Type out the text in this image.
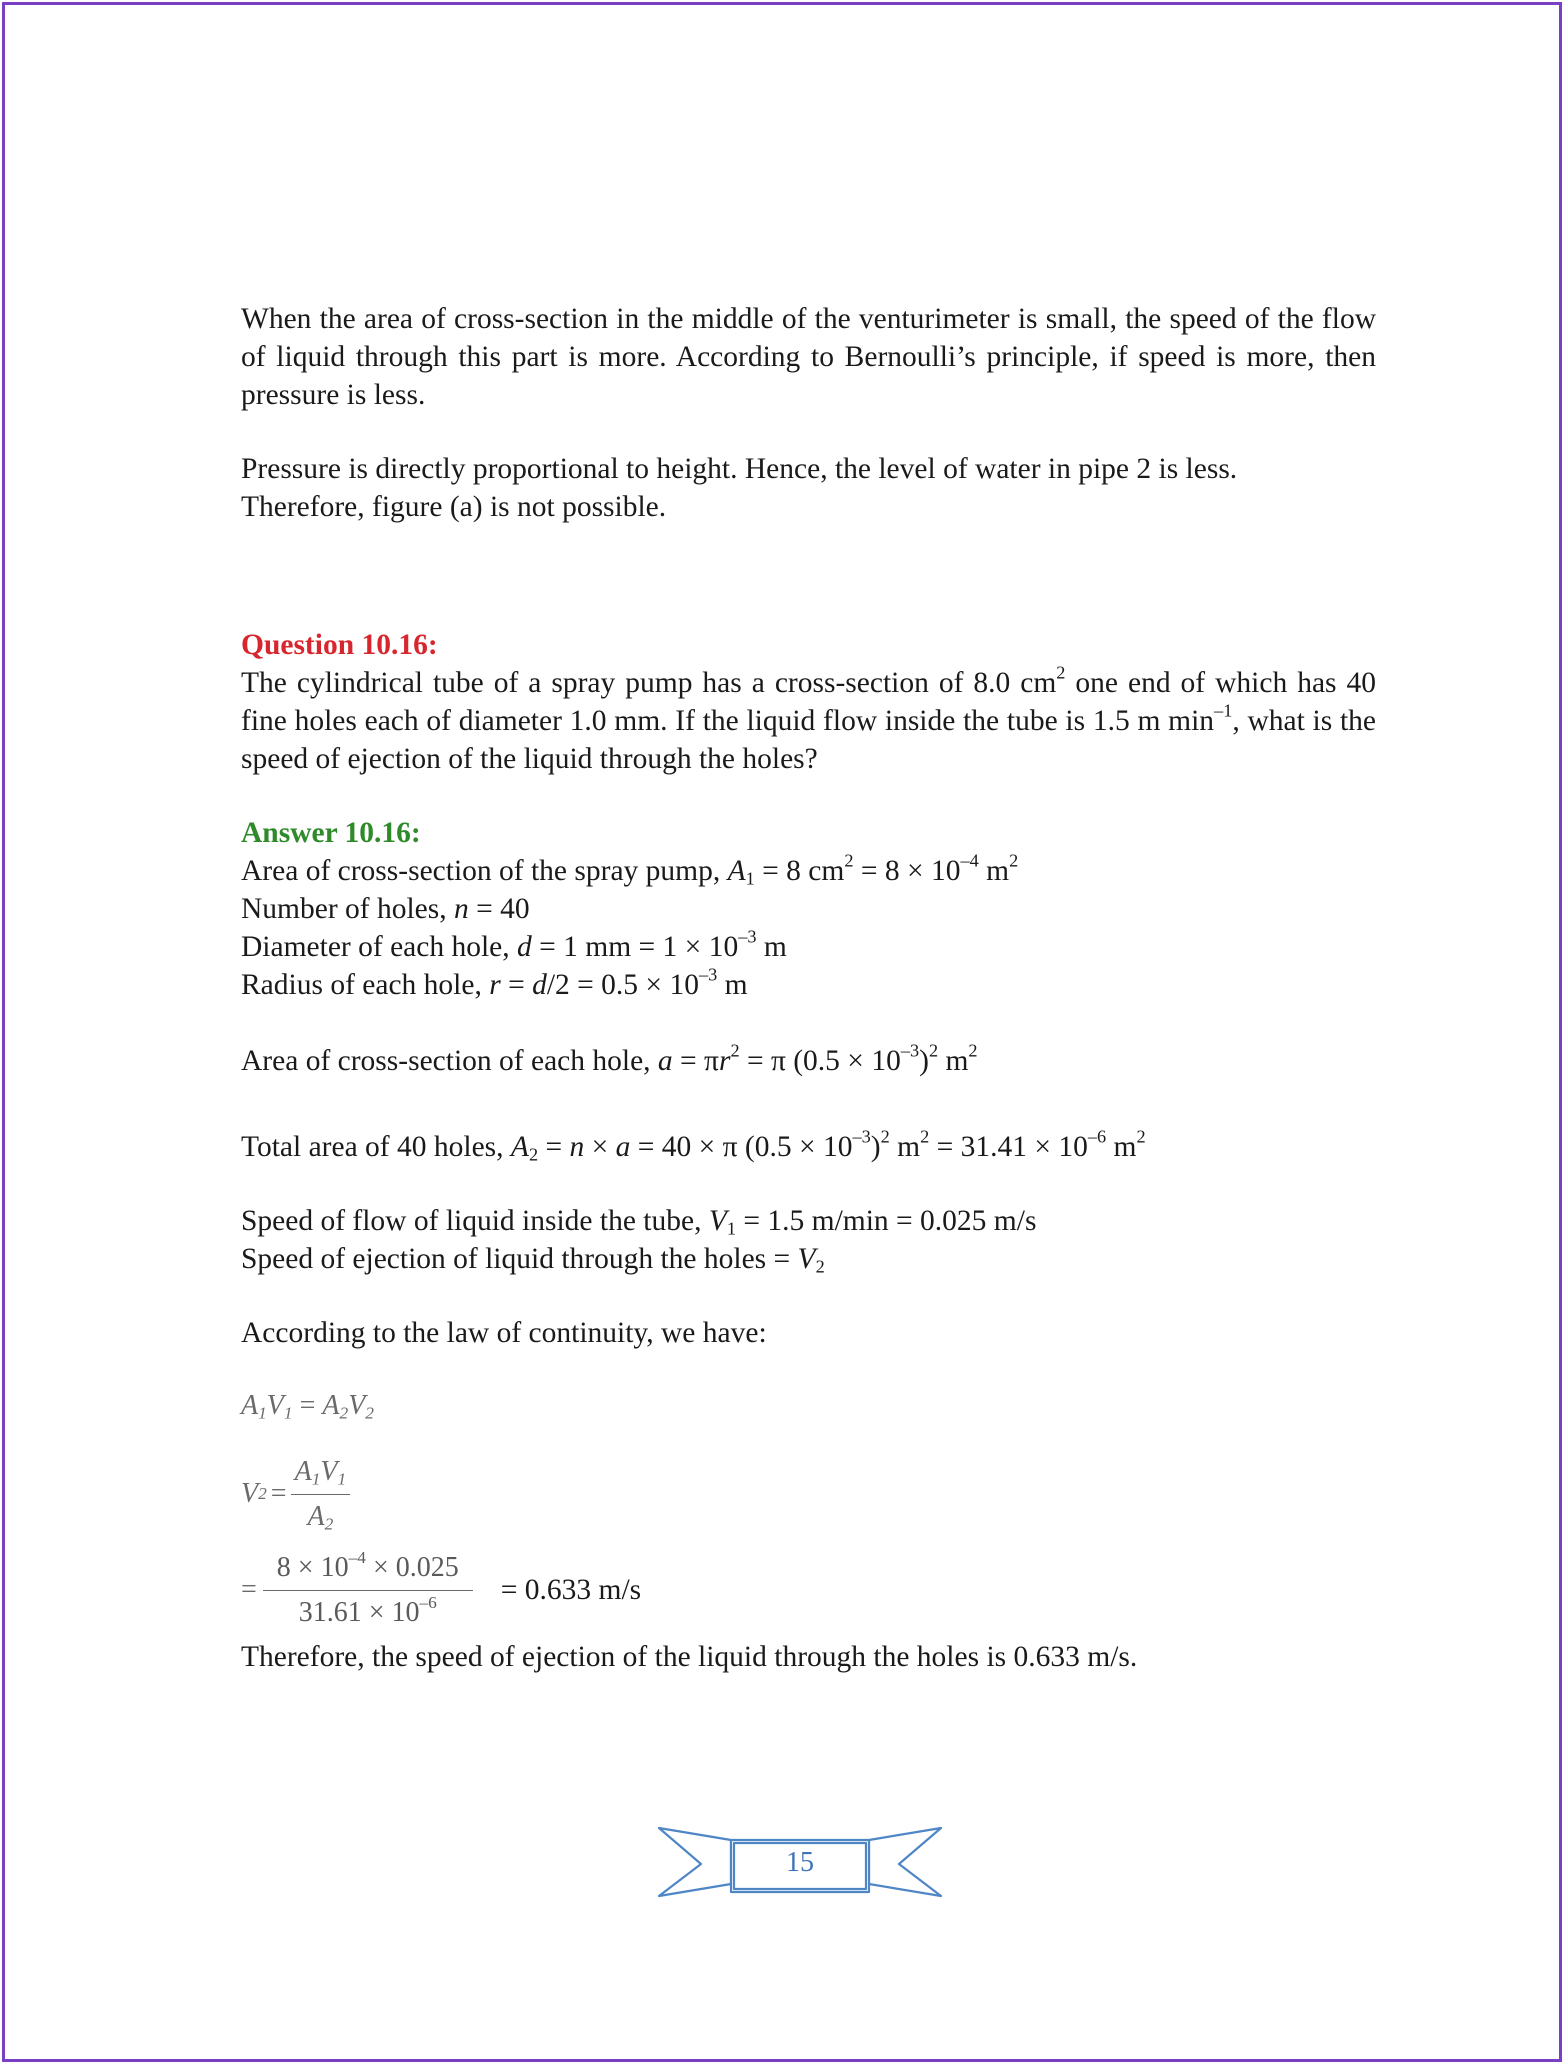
When the area of cross-section in the middle of the venturimeter is small, the speed of the flow of liquid through this part is more. According to Bernoulli’s principle, if speed is more, then pressure is less.

Pressure is directly proportional to height. Hence, the level of water in pipe 2 is less.
Therefore, figure (a) is not possible.

Question 10.16:

The cylindrical tube of a spray pump has a cross-section of 8.0 $cm^2$ one end of which has 40 fine holes each of diameter 1.0 mm. If the liquid flow inside the tube is 1.5 m $\min^{-1}$, what is the speed of ejection of the liquid through the holes?

Answer 10.16:

Area of cross-section of the spray pump, $A_1 = 8$ $cm^2 = 8 \times 10^{-4}$ $m^2$

Number of holes, n = 40

Diameter of each hole, d = 1 mm = $1 \times 10^{-3}$ m

Radius of each hole, $r = d/2 = 0.5 \times 10^{-3}$ m

Area of cross-section of each hole, $a = \pi r^2 = \pi$ $(0.5 \times 10^{-3})^2$ $m^2$

Total area of 40 holes, $A_2 = n \times a = 40 \times \pi$ $(0.5 \times 10^{-3})^2$ $m^2 = 31.41 \times 10^{-6}$ $m^2$

Speed of flow of liquid inside the tube, $V_1 = 1.5$ m/min = 0.025 m/s

Speed of ejection of liquid through the holes = $V_2$

According to the law of continuity, we have:

$A_1V_1 = A_2V_2$
V $2 = \frac{A_1V_1}{A_2}$
= $\frac{8 \times 10^{-4} \times 0.025}{31.61 \times 10^{-6}} = 0.633$ m/s

Therefore, the speed of ejection of the liquid through the holes is 0.633 m/s.

15
